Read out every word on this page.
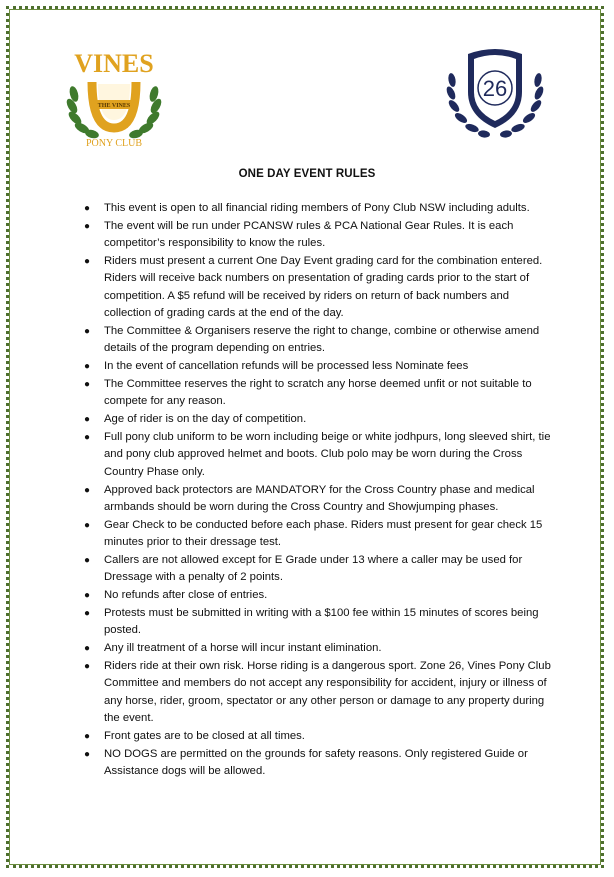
THE VINES
VINES
PONY CLUB
26
ONE DAY EVENT RULES
● This event is open to all financial riding members of Pony Club NSW including adults.
● The event will be run under PCANSW rules & PCA National Gear Rules. It is each competitor’s responsibility to know the rules.
● Riders must present a current One Day Event grading card for the combination entered. Riders will receive back numbers on presentation of grading cards prior to the start of competition. A $5 refund will be received by riders on return of back numbers and collection of grading cards at the end of the day.
● The Committee & Organisers reserve the right to change, combine or otherwise amend details of the program depending on entries.
● In the event of cancellation refunds will be processed less Nominate fees
● The Committee reserves the right to scratch any horse deemed unfit or not suitable to compete for any reason.
● Age of rider is on the day of competition.
● Full pony club uniform to be worn including beige or white jodhpurs, long sleeved shirt, tie and pony club approved helmet and boots. Club polo may be worn during the Cross Country Phase only.
● Approved back protectors are MANDATORY for the Cross Country phase and medical armbands should be worn during the Cross Country and Showjumping phases.
● Gear Check to be conducted before each phase. Riders must present for gear check 15 minutes prior to their dressage test.
● Callers are not allowed except for E Grade under 13 where a caller may be used for Dressage with a penalty of 2 points.
● No refunds after close of entries.
● Protests must be submitted in writing with a $100 fee within 15 minutes of scores being posted.
● Any ill treatment of a horse will incur instant elimination.
● Riders ride at their own risk. Horse riding is a dangerous sport. Zone 26, Vines Pony Club Committee and members do not accept any responsibility for accident, injury or illness of any horse, rider, groom, spectator or any other person or damage to any property during the event.
● Front gates are to be closed at all times.
● NO DOGS are permitted on the grounds for safety reasons. Only registered Guide or Assistance dogs will be allowed.
